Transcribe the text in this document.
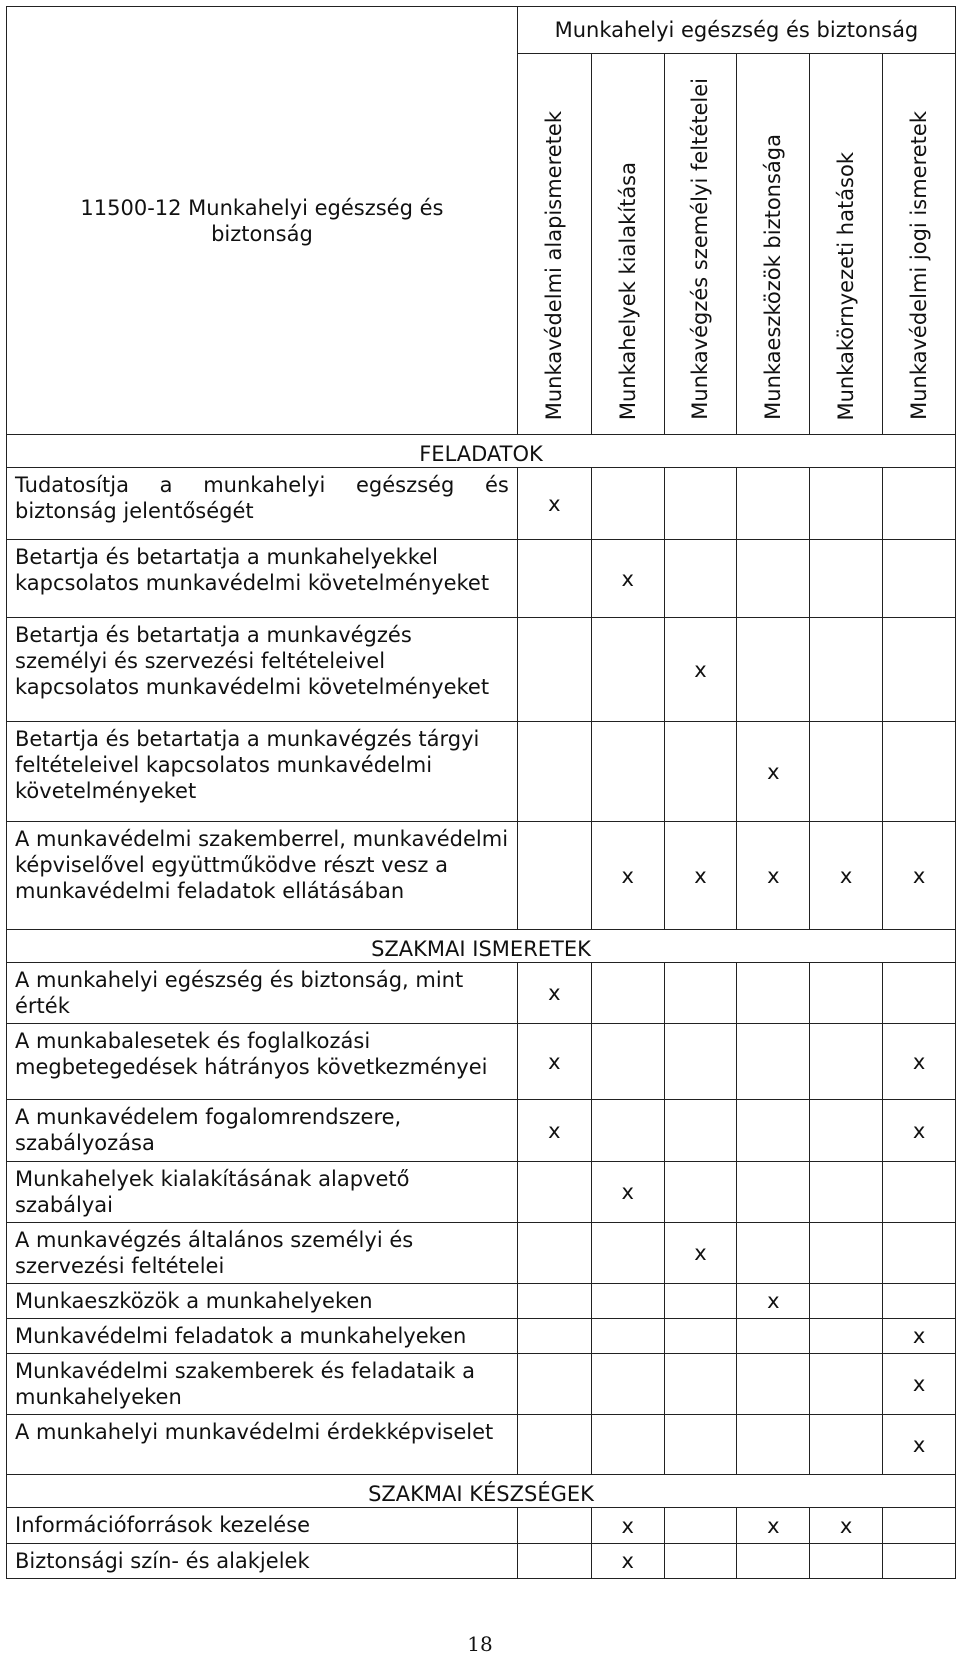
11500-12 Munkahelyi egészség és biztonság	Munkahelyi egészség és biztonság					
	Munkavédelmi alapismeretek	Munkahelyek kialakítása	Munkavégzés személyi feltételei	Munkaeszközök biztonsága	Munkakörnyezeti hatások	Munkavédelmi jogi ismeretek
FELADATOK						
Tudatosítja a munkahelyi egészség és biztonság jelentőségét	x					
Betartja és betartatja a munkahelyekkel kapcsolatos munkavédelmi követelményeket		x				
Betartja és betartatja a munkavégzés személyi és szervezési feltételeivel kapcsolatos munkavédelmi követelményeket			x			
Betartja és betartatja a munkavégzés tárgyi feltételeivel kapcsolatos munkavédelmi követelményeket				x		
A munkavédelmi szakemberrel, munkavédelmi képviselővel együttműködve részt vesz a munkavédelmi feladatok ellátásában		x	x	x	x	x
SZAKMAI ISMERETEK						
A munkahelyi egészség és biztonság, mint érték	x					
A munkabalesetek és foglalkozási megbetegedések hátrányos következményei	x					x
A munkavédelem fogalomrendszere, szabályozása	x					x
Munkahelyek kialakításának alapvető szabályai		x				
A munkavégzés általános személyi és szervezési feltételei			x			
Munkaeszközök a munkahelyeken				x		
Munkavédelmi feladatok a munkahelyeken						x
Munkavédelmi szakemberek és feladataik a munkahelyeken						x
A munkahelyi munkavédelmi érdekképviselet						x
SZAKMAI KÉSZSÉGEK						
Információforrások kezelése		x		x	x	
Biztonsági szín- és alakjelek		x				
18
